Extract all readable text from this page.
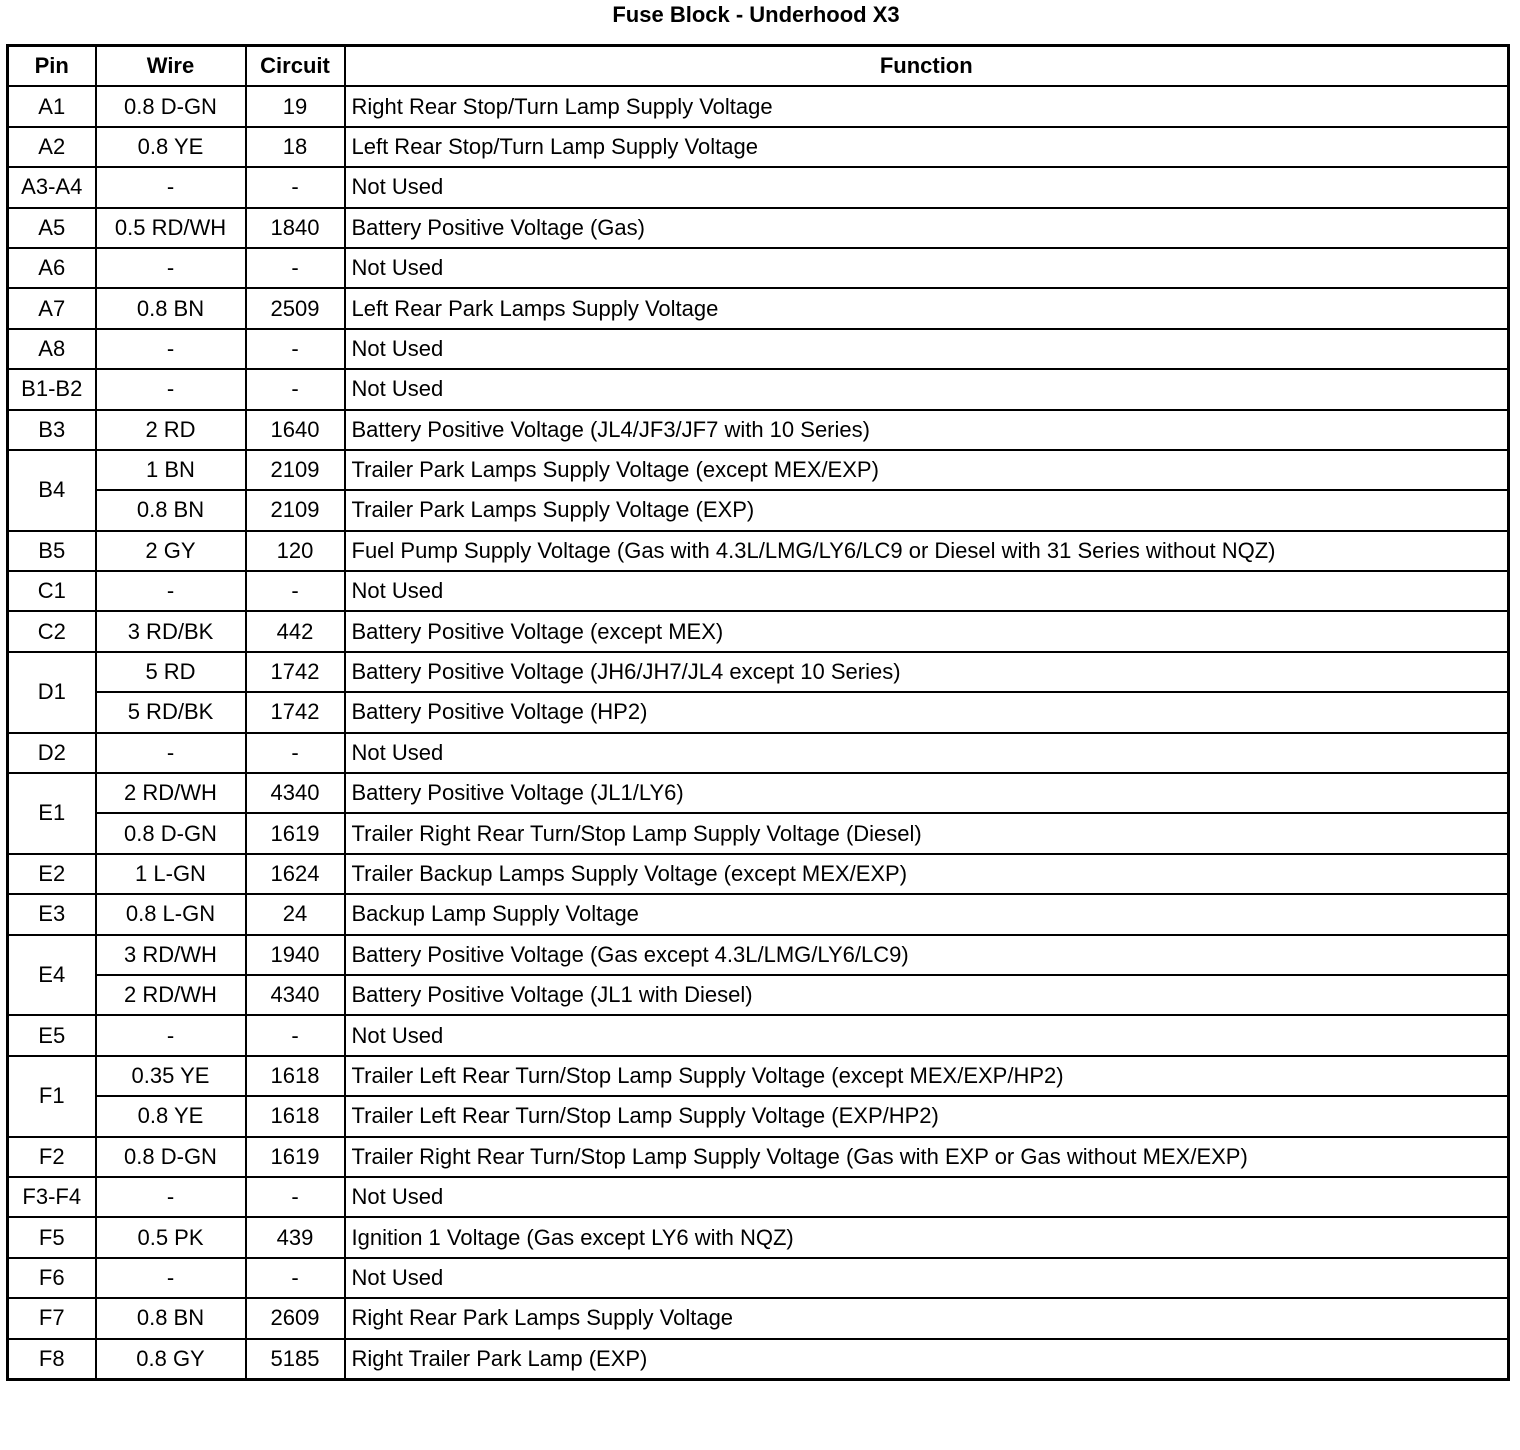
Fuse Block - Underhood X3
Pin	Wire	Circuit	Function
A1	0.8 D-GN	19	Right Rear Stop/Turn Lamp Supply Voltage
A2	0.8 YE	18	Left Rear Stop/Turn Lamp Supply Voltage
A3-A4	-	-	Not Used
A5	0.5 RD/WH	1840	Battery Positive Voltage (Gas)
A6	-	-	Not Used
A7	0.8 BN	2509	Left Rear Park Lamps Supply Voltage
A8	-	-	Not Used
B1-B2	-	-	Not Used
B3	2 RD	1640	Battery Positive Voltage (JL4/JF3/JF7 with 10 Series)
B4	1 BN	2109	Trailer Park Lamps Supply Voltage (except MEX/EXP)
	0.8 BN	2109	Trailer Park Lamps Supply Voltage (EXP)
B5	2 GY	120	Fuel Pump Supply Voltage (Gas with 4.3L/LMG/LY6/LC9 or Diesel with 31 Series without NQZ)
C1	-	-	Not Used
C2	3 RD/BK	442	Battery Positive Voltage (except MEX)
D1	5 RD	1742	Battery Positive Voltage (JH6/JH7/JL4 except 10 Series)
	5 RD/BK	1742	Battery Positive Voltage (HP2)
D2	-	-	Not Used
E1	2 RD/WH	4340	Battery Positive Voltage (JL1/LY6)
	0.8 D-GN	1619	Trailer Right Rear Turn/Stop Lamp Supply Voltage (Diesel)
E2	1 L-GN	1624	Trailer Backup Lamps Supply Voltage (except MEX/EXP)
E3	0.8 L-GN	24	Backup Lamp Supply Voltage
E4	3 RD/WH	1940	Battery Positive Voltage (Gas except 4.3L/LMG/LY6/LC9)
	2 RD/WH	4340	Battery Positive Voltage (JL1 with Diesel)
E5	-	-	Not Used
F1	0.35 YE	1618	Trailer Left Rear Turn/Stop Lamp Supply Voltage (except MEX/EXP/HP2)
	0.8 YE	1618	Trailer Left Rear Turn/Stop Lamp Supply Voltage (EXP/HP2)
F2	0.8 D-GN	1619	Trailer Right Rear Turn/Stop Lamp Supply Voltage (Gas with EXP or Gas without MEX/EXP)
F3-F4	-	-	Not Used
F5	0.5 PK	439	Ignition 1 Voltage (Gas except LY6 with NQZ)
F6	-	-	Not Used
F7	0.8 BN	2609	Right Rear Park Lamps Supply Voltage
F8	0.8 GY	5185	Right Trailer Park Lamp (EXP)
